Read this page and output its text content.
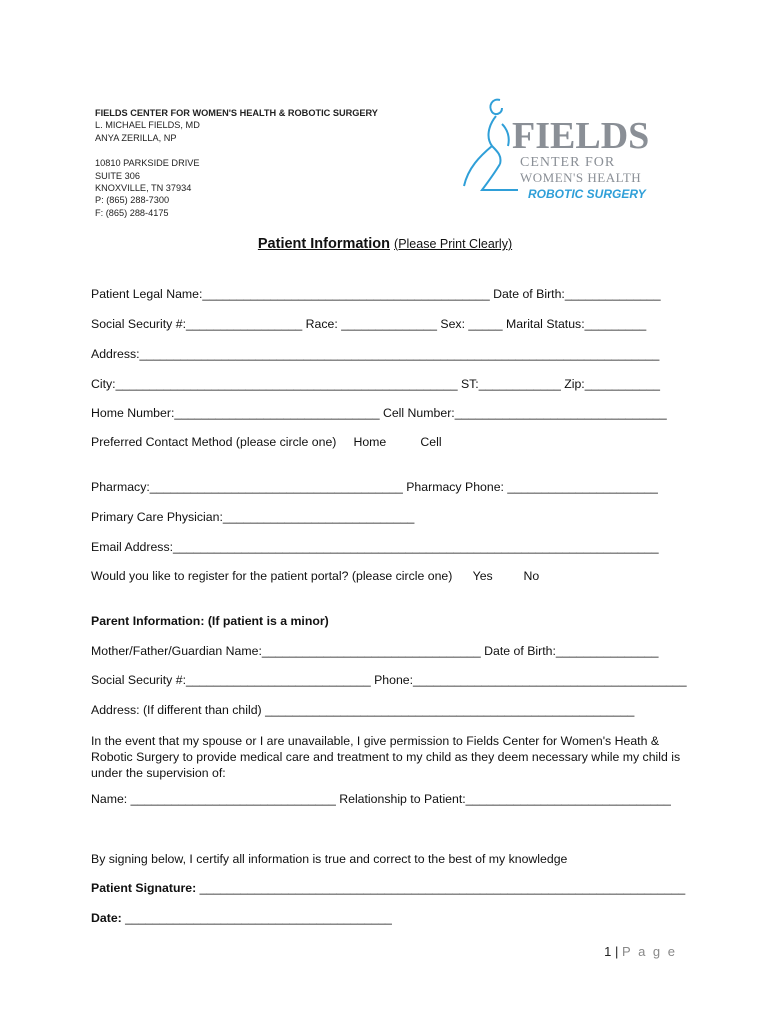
FIELDS CENTER FOR WOMEN'S HEALTH & ROBOTIC SURGERY
L. MICHAEL FIELDS, MD
ANYA ZERILLA, NP
10810 PARKSIDE DRIVE
SUITE 306
KNOXVILLE, TN 37934
P: (865) 288-7300
F: (865) 288-4175
FIELDS
CENTER FOR
WOMEN'S HEALTH
ROBOTIC SURGERY
Patient Information (Please Print Clearly)
Patient Legal Name:__________________________________________ Date of Birth:______________
Social Security #:_________________ Race: ______________ Sex: _____ Marital Status:_________
Address:____________________________________________________________________________
City:__________________________________________________ ST:____________ Zip:___________
Home Number:______________________________ Cell Number:_______________________________
Preferred Contact Method (please circle one)     Home          Cell
Pharmacy:_____________________________________ Pharmacy Phone: ______________________
Primary Care Physician:____________________________
Email Address:_______________________________________________________________________
Would you like to register for the patient portal? (please circle one)      Yes         No
Parent Information: (If patient is a minor)
Mother/Father/Guardian Name:________________________________ Date of Birth:_______________
Social Security #:___________________________ Phone:________________________________________
Address: (If different than child) ______________________________________________________
In the event that my spouse or I are unavailable, I give permission to Fields Center for Women's Heath & Robotic Surgery to provide medical care and treatment to my child as they deem necessary while my child is under the supervision of:
Name: ______________________________ Relationship to Patient:______________________________
By signing below, I certify all information is true and correct to the best of my knowledge
Patient Signature: _______________________________________________________________________
Date: _______________________________________
1 | P a g e
